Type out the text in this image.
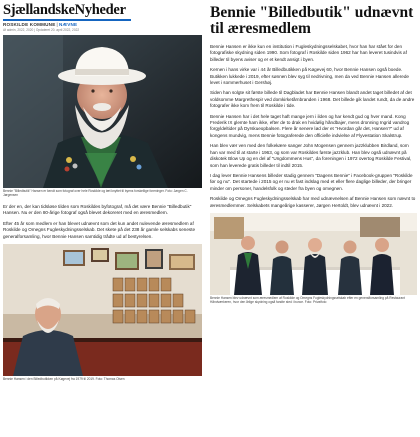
SjællandskeNyheder
ROSKILDE KOMMUNE|NÆVNE
Af admin, 2022, 2020 | Opdateret 20. april 2022, 2022
Bennie "Billedbutik" Hansen er kendt som fotograf over hele Roskilde og tæt knyttet til byens forskellige foreninger. Foto: Jørgen C. Jørgensen
Er der en, der kan tidsløse tilden som Roskildes byfotograf, må det være Bennie "Billedbutik" Hansen. Nu er den 80-årige fotograf også blevet dekoreret med en æresmedlem.
Efter 45 år som medlem er han blevet udnævnt som det kun andet nulevende æresmedlem af Roskilde og Omegns Fugleskydningsselskab. Det skete på det 238 år gamle selskabs seneste generalforsamling, hvor Bennie Hansen samtidig trådte ud af bestyrelsen.
Bennie Hansen i den Billedbutikken på Køgevej fra 1979 til 2019. Foto: Thomas Olsen
Bennie "Billedbutik" udnævnt til æresmedlem
Bennie Hansen er ikke kun en institution i Fugleskydningsselskabet, hvor han har stået for den fotografiske skydning siden 1990. Som fotograf i Roskilde siden 1962 har han leveret tusindvis af billeder til byens aviser og er et kendt ansigt i byen.
Kernen i hans virke var i 44 år Billedbutikken på Køgevej 60, hvor Bennie Hansen også boede. Butikken lukkede i 2019, efter sønnen blev syg til nedrivning, men da ved Bennie Hansen allerede levet i sommerhuset i Gershøj.
Siden han solgte sit første billede til Dagbladet har Bennie Hansen blandt andet taget billedet af det voldsomme Margrethespir ved domkirketårnbranden i 1968. Det billede gik landet rundt, da de andre fotografer ikke kom frem til Roskilde i tide.
Bennie Hansen har i det hele taget haft mange jern i ilden og har kendt gud og hver mand. Kong Frederik IX glemte ham ikke, efter de to drak en hvidølig håndbajer, mens dronning Ingrid vandrog forgyldeltider på Dyrskueopbalsen. Flere år senere lød der et "Hvordan går det, Hansen?" ud af kongens mundvig, mens Bennie fotograferede den officielle indvielse af Flyvestation Skalstrup.
Han blev vær ven med den folkekære sanger John Mogensen gennem jazzklubben Birdland, som han var med til at starte i 1963, og som var Roskildes første jazzklub. Han blev også udnævnt på diskotek Blow Up og en del af "Ungdommens Hus", da foreningen i 1972 overtog Roskilde Festival, som han leverede gratis billeder til indtil 2015.
I dag lever Bennie Hansens billeder stadig gennem "Dagens Bennie" i Facebook-gruppen "Roskilde før og nu". Det startede i 2015 og er nu et fast indslag med et eller flere daglige billeder, der bringer minder om personer, handelsfolk og steder fra byen og omegnen.
Roskilde og Omegns Fugleskydningsselskab har med udnævnelsen af Bennie Hansen som nævnt to æresmedlemmer. Selskabets mangeårige kasserer, Jørgen Hertoldt, blev udnævnt i 2022.
Bennie Hansen blev udnævnt som æresmedlem af Roskilde og Omegns Fugleskydningsselskab efter en generalforsamling på Restaurant Håndværkeren, hvor den årlige skydning også fandte sted i bunce. Foto: Privatfoto
